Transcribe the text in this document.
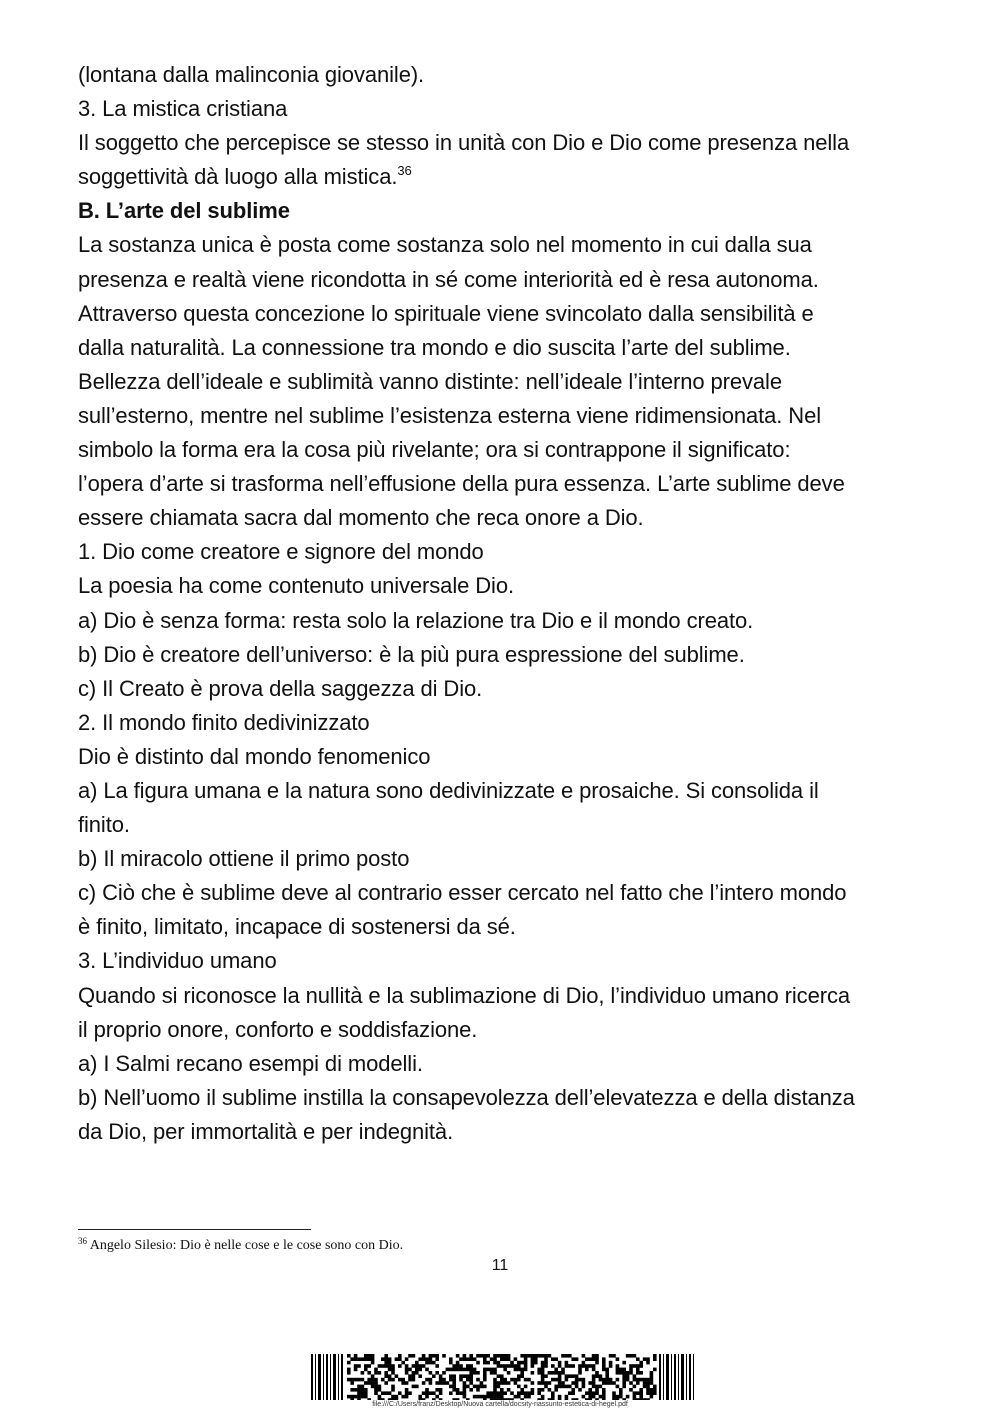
(lontana dalla malinconia giovanile).
3. La mistica cristiana
Il soggetto che percepisce se stesso in unità con Dio e Dio come presenza nella
soggettività dà luogo alla mistica.$^{36}$
B. L’arte del sublime
La sostanza unica è posta come sostanza solo nel momento in cui dalla sua
presenza e realtà viene ricondotta in sé come interiorità ed è resa autonoma.
Attraverso questa concezione lo spirituale viene svincolato dalla sensibilità e
dalla naturalità. La connessione tra mondo e dio suscita l’arte del sublime.
Bellezza dell’ideale e sublimità vanno distinte: nell’ideale l’interno prevale
sull’esterno, mentre nel sublime l’esistenza esterna viene ridimensionata. Nel
simbolo la forma era la cosa più rivelante; ora si contrappone il significato:
l’opera d’arte si trasforma nell’effusione della pura essenza. L’arte sublime deve
essere chiamata sacra dal momento che reca onore a Dio.
1. Dio come creatore e signore del mondo
La poesia ha come contenuto universale Dio.
a) Dio è senza forma: resta solo la relazione tra Dio e il mondo creato.
b) Dio è creatore dell’universo: è la più pura espressione del sublime.
c) Il Creato è prova della saggezza di Dio.
2. Il mondo finito dedivinizzato
Dio è distinto dal mondo fenomenico
a) La figura umana e la natura sono dedivinizzate e prosaiche. Si consolida il
finito.
b) Il miracolo ottiene il primo posto
c) Ciò che è sublime deve al contrario esser cercato nel fatto che l’intero mondo
è finito, limitato, incapace di sostenersi da sé.
3. L’individuo umano
Quando si riconosce la nullità e la sublimazione di Dio, l’individuo umano ricerca
il proprio onore, conforto e soddisfazione.
a) I Salmi recano esempi di modelli.
b) Nell’uomo il sublime instilla la consapevolezza dell’elevatezza e della distanza
da Dio, per immortalità e per indegnità.
$^{36}$ Angelo Silesio: Dio è nelle cose e le cose sono con Dio.
11
file:///C:/Users/franz/Desktop/Nuova cartella/docsity-riassunto-estetica-di-hegel.pdf
